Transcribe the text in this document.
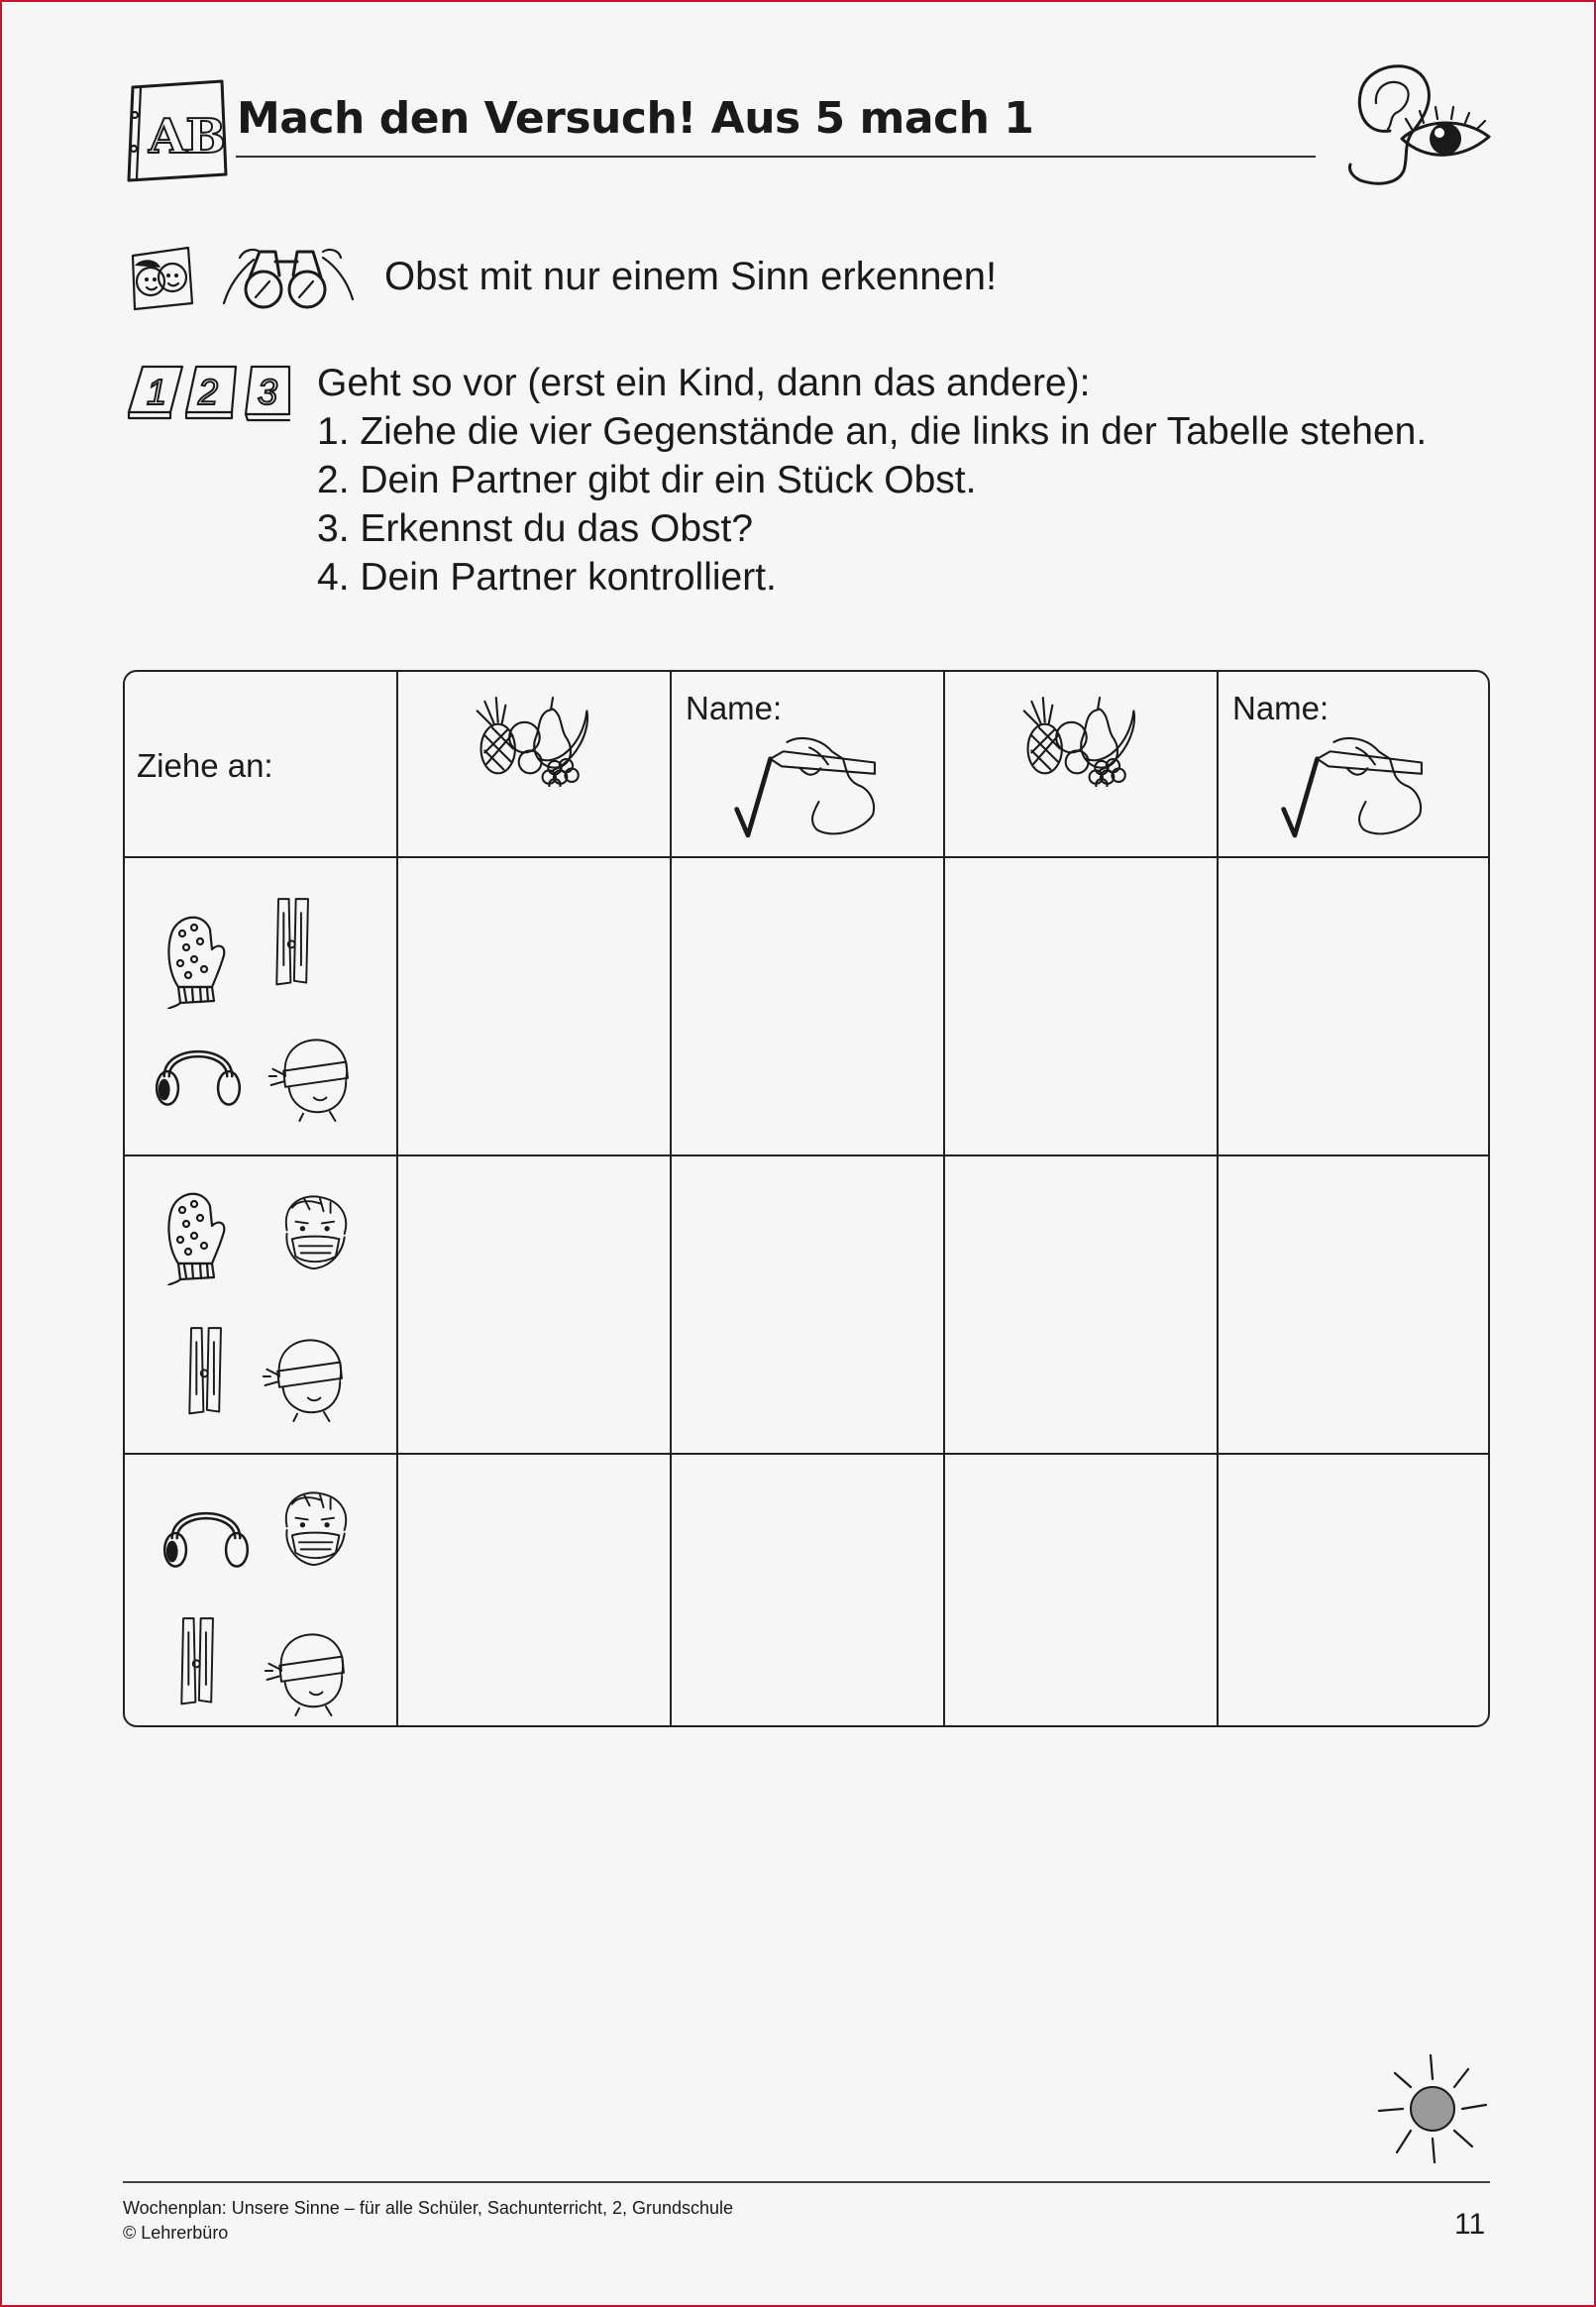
AB Mach den Versuch! Aus 5 mach 1
Obst mit nur einem Sinn erkennen!
1 2 3 Geht so vor (erst ein Kind, dann das andere):
1. Ziehe die vier Gegenstände an, die links in der Tabelle stehen.
2. Dein Partner gibt dir ein Stück Obst.
3. Erkennst du das Obst?
4. Dein Partner kontrolliert.
Ziehe an:
Name:	Name:
Wochenplan: Unsere Sinne – für alle Schüler, Sachunterricht, 2, Grundschule
© Lehrerbüro	11
